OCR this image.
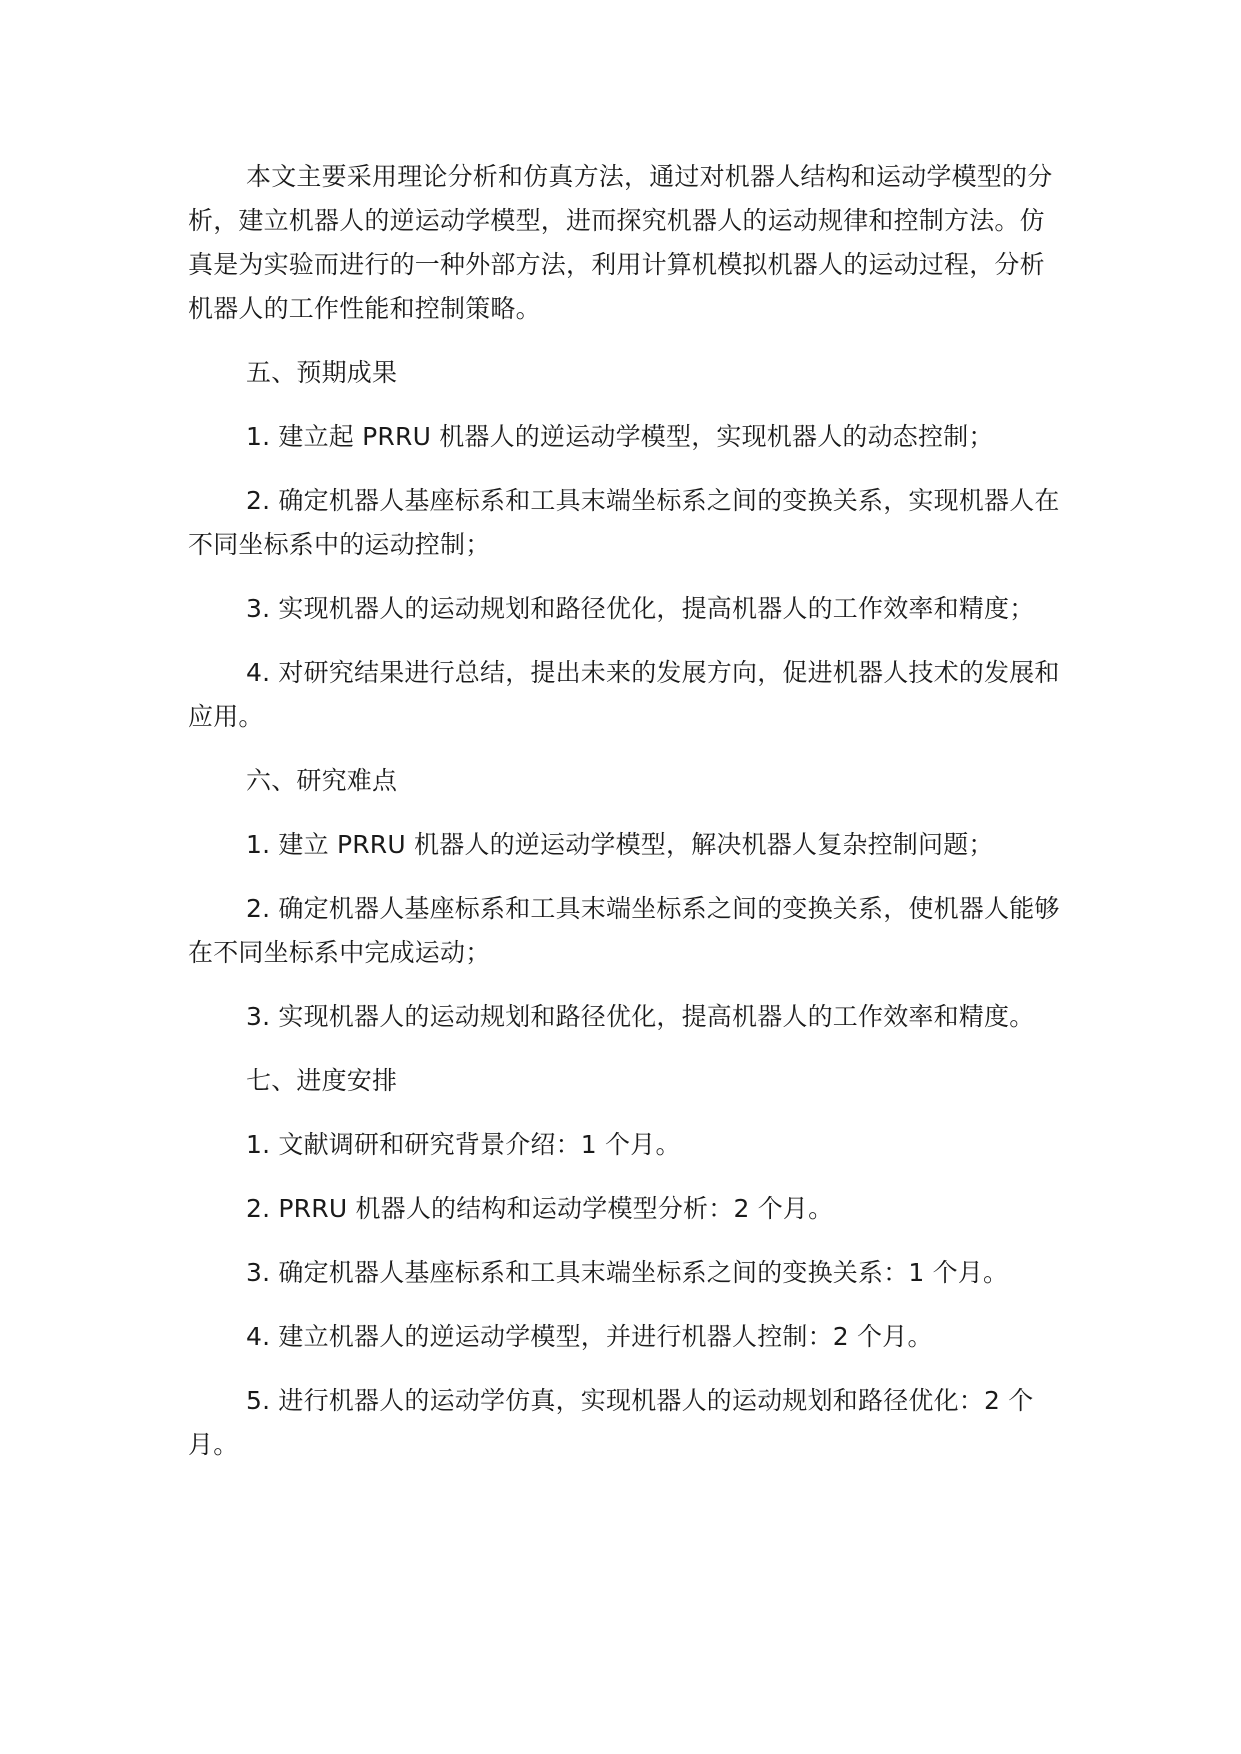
本文主要采用理论分析和仿真方法，通过对机器人结构和运动学模型的分析，建立机器人的逆运动学模型，进而探究机器人的运动规律和控制方法。仿真是为实验而进行的一种外部方法，利用计算机模拟机器人的运动过程，分析机器人的工作性能和控制策略。

五、预期成果

1. 建立起 PRRU 机器人的逆运动学模型，实现机器人的动态控制；

2. 确定机器人基座标系和工具末端坐标系之间的变换关系，实现机器人在不同坐标系中的运动控制；

3. 实现机器人的运动规划和路径优化，提高机器人的工作效率和精度；

4. 对研究结果进行总结，提出未来的发展方向，促进机器人技术的发展和应用。

六、研究难点

1. 建立 PRRU 机器人的逆运动学模型，解决机器人复杂控制问题；

2. 确定机器人基座标系和工具末端坐标系之间的变换关系，使机器人能够在不同坐标系中完成运动；

3. 实现机器人的运动规划和路径优化，提高机器人的工作效率和精度。

七、进度安排

1. 文献调研和研究背景介绍：1 个月。

2. PRRU 机器人的结构和运动学模型分析：2 个月。

3. 确定机器人基座标系和工具末端坐标系之间的变换关系：1 个月。

4. 建立机器人的逆运动学模型，并进行机器人控制：2 个月。

5. 进行机器人的运动学仿真，实现机器人的运动规划和路径优化：2 个月。
